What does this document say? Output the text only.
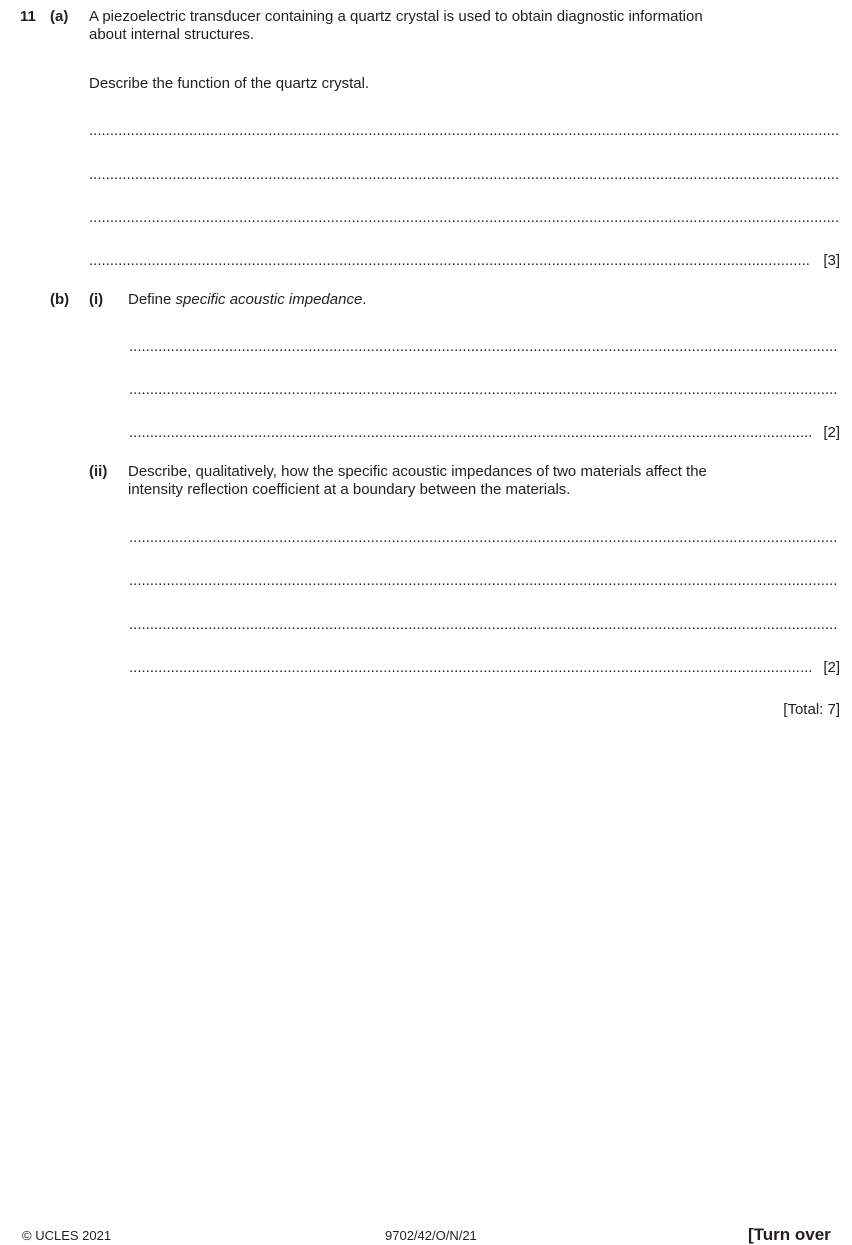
11 (a) A piezoelectric transducer containing a quartz crystal is used to obtain diagnostic information
about internal structures.
Describe the function of the quartz crystal.
.....
.....
.....
.....
[3]
(b) (i) Define specific acoustic impedance.
.....
.....
.....
[2]
(ii) Describe, qualitatively, how the specific acoustic impedances of two materials affect the
intensity reflection coefficient at a boundary between the materials.
.....
.....
.....
.....
[2]
[Total: 7]
© UCLES 2021	9702/42/O/N/21	[Turn over
